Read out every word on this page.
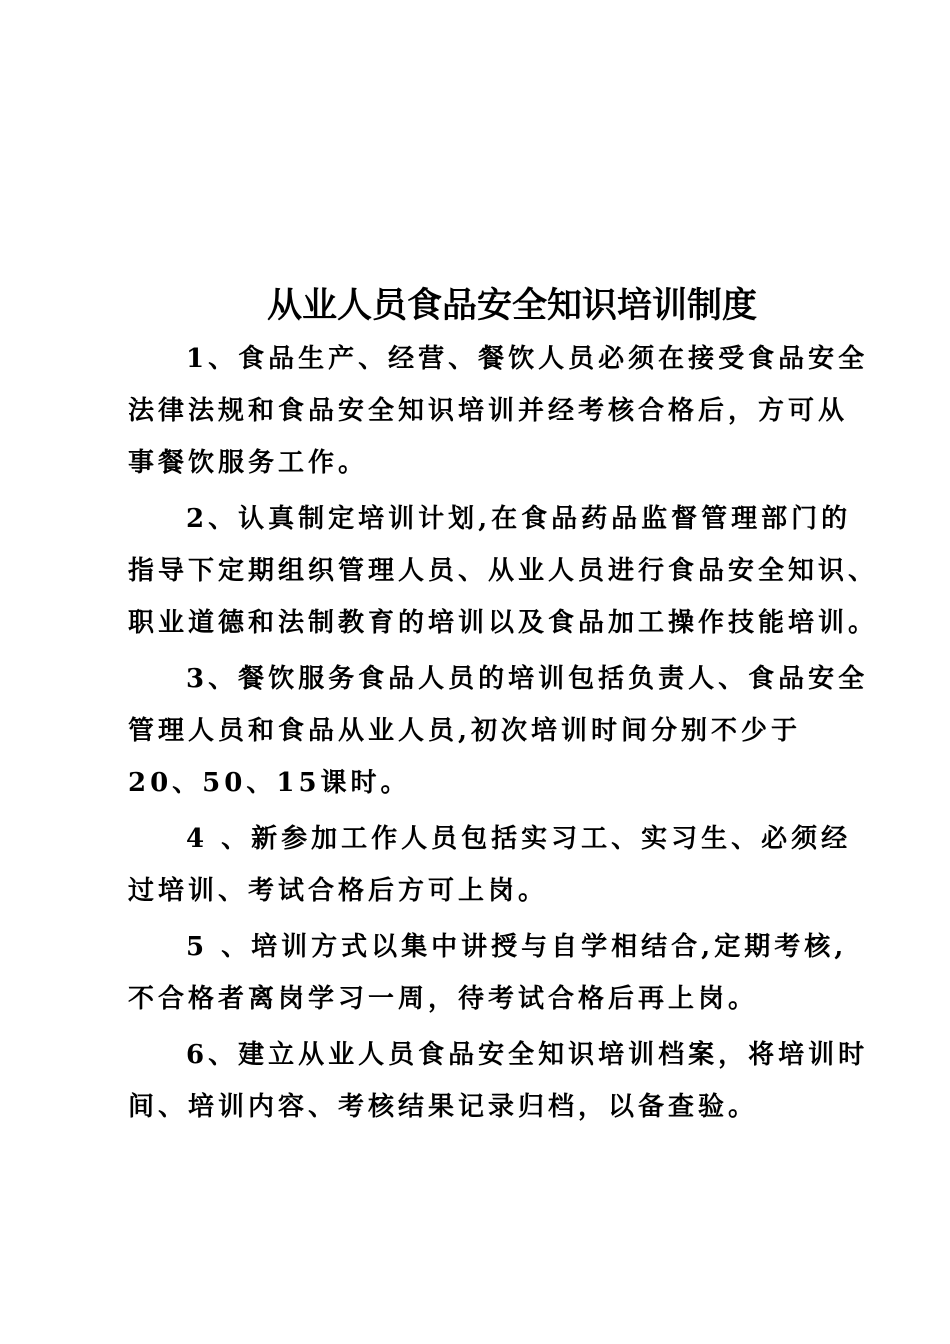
从业人员食品安全知识培训制度

1、食品生产、经营、餐饮人员必须在接受食品安全
法律法规和食品安全知识培训并经考核合格后，方可从
事餐饮服务工作。

2、认真制定培训计划,在食品药品监督管理部门的
指导下定期组织管理人员、从业人员进行食品安全知识、
职业道德和法制教育的培训以及食品加工操作技能培训。

3、餐饮服务食品人员的培训包括负责人、食品安全
管理人员和食品从业人员,初次培训时间分别不少于
20、50、15课时。

4 、新参加工作人员包括实习工、实习生、必须经
过培训、考试合格后方可上岗。

5 、培训方式以集中讲授与自学相结合,定期考核,
不合格者离岗学习一周，待考试合格后再上岗。

6、建立从业人员食品安全知识培训档案，将培训时
间、培训内容、考核结果记录归档，以备查验。
